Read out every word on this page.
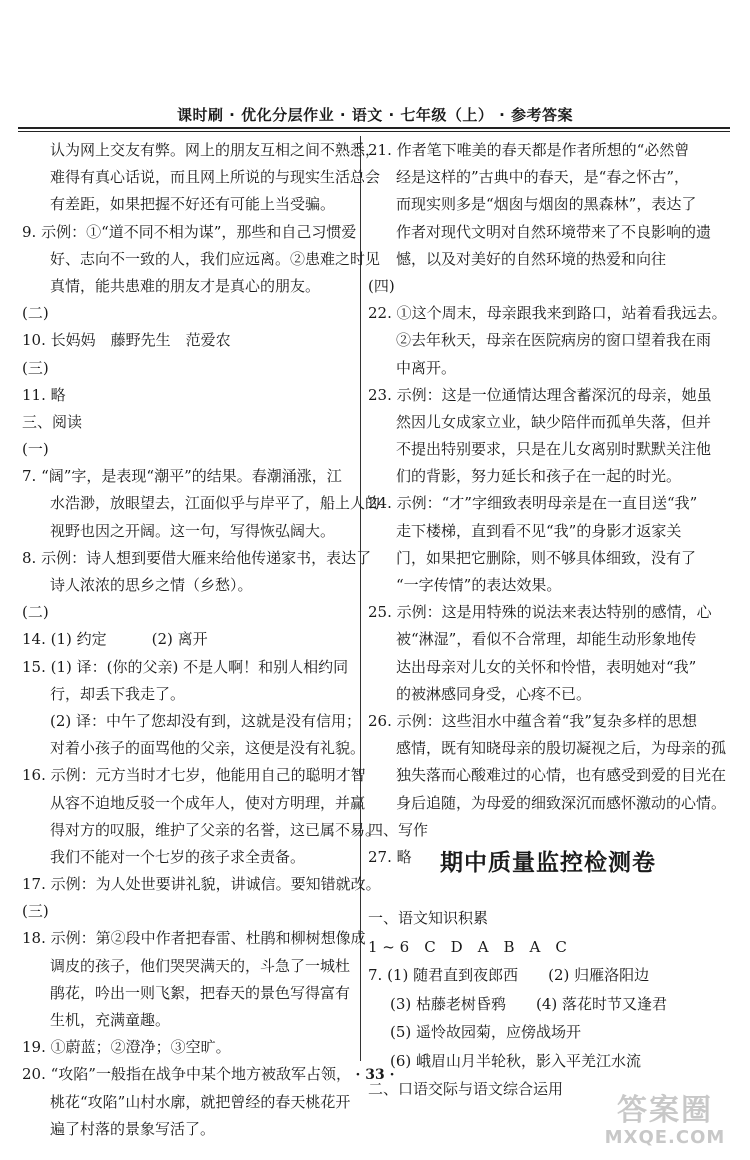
课时刷 · 优化分层作业 · 语文 · 七年级（上） · 参考答案
认为网上交友有弊。网上的朋友互相之间不熟悉，
难得有真心话说，而且网上所说的与现实生活总会
有差距，如果把握不好还有可能上当受骗。
9. 示例：①“道不同不相为谋”，那些和自己习惯爱
好、志向不一致的人，我们应远离。②患难之时见
真情，能共患难的朋友才是真心的朋友。
(二)
10. 长妈妈　藤野先生　范爱农
(三)
11. 略
三、阅读
(一)
7. “阔”字，是表现“潮平”的结果。春潮涌涨，江
水浩渺，放眼望去，江面似乎与岸平了，船上人的
视野也因之开阔。这一句，写得恢弘阔大。
8. 示例：诗人想到要借大雁来给他传递家书，表达了
诗人浓浓的思乡之情（乡愁）。
(二)
14. (1) 约定　　　(2) 离开
15. (1) 译：(你的父亲) 不是人啊！和别人相约同
行，却丢下我走了。
(2) 译：中午了您却没有到，这就是没有信用；
对着小孩子的面骂他的父亲，这便是没有礼貌。
16. 示例：元方当时才七岁，他能用自己的聪明才智
从容不迫地反驳一个成年人，使对方明理，并赢
得对方的叹服，维护了父亲的名誉，这已属不易。
我们不能对一个七岁的孩子求全责备。
17. 示例：为人处世要讲礼貌，讲诚信。要知错就改。
(三)
18. 示例：第②段中作者把春雷、杜鹃和柳树想像成
调皮的孩子，他们哭哭满天的，斗急了一城杜
鹃花，吟出一则飞絮，把春天的景色写得富有
生机，充满童趣。
19. ①蔚蓝；②澄净；③空旷。
20. “攻陷”一般指在战争中某个地方被敌军占领，
桃花“攻陷”山村水廓，就把曾经的春天桃花开
遍了村落的景象写活了。
21. 作者笔下唯美的春天都是作者所想的“必然曾
经是这样的”古典中的春天，是“春之怀古”，
而现实则多是“烟囱与烟囱的黑森林”，表达了
作者对现代文明对自然环境带来了不良影响的遗
憾，以及对美好的自然环境的热爱和向往
(四)
22. ①这个周末，母亲跟我来到路口，站着看我远去。
②去年秋天，母亲在医院病房的窗口望着我在雨
中离开。
23. 示例：这是一位通情达理含蓄深沉的母亲，她虽
然因儿女成家立业，缺少陪伴而孤单失落，但并
不提出特别要求，只是在儿女离别时默默关注他
们的背影，努力延长和孩子在一起的时光。
24. 示例：“才”字细致表明母亲是在一直目送“我”
走下楼梯，直到看不见“我”的身影才返家关
门，如果把它删除，则不够具体细致，没有了
“一字传情”的表达效果。
25. 示例：这是用特殊的说法来表达特别的感情，心
被“淋湿”，看似不合常理，却能生动形象地传
达出母亲对儿女的关怀和怜惜，表明她对“我”
的被淋感同身受，心疼不已。
26. 示例：这些泪水中蕴含着“我”复杂多样的思想
感情，既有知晓母亲的殷切凝视之后，为母亲的孤
独失落而心酸难过的心情，也有感受到爱的目光在
身后追随，为母爱的细致深沉而感怀激动的心情。
四、写作
27. 略	期中质量监控检测卷
一、语文知识积累
1 ~ 6　C　D　A　B　A　C
7. (1) 随君直到夜郎西　　(2) 归雁洛阳边
(3) 枯藤老树昏鸦　　(4) 落花时节又逢君
(5) 遥怜故园菊，应傍战场开
(6) 峨眉山月半轮秋，影入平羌江水流
二、口语交际与语文综合运用
· 33 ·
答案圈
MXQE.COM
